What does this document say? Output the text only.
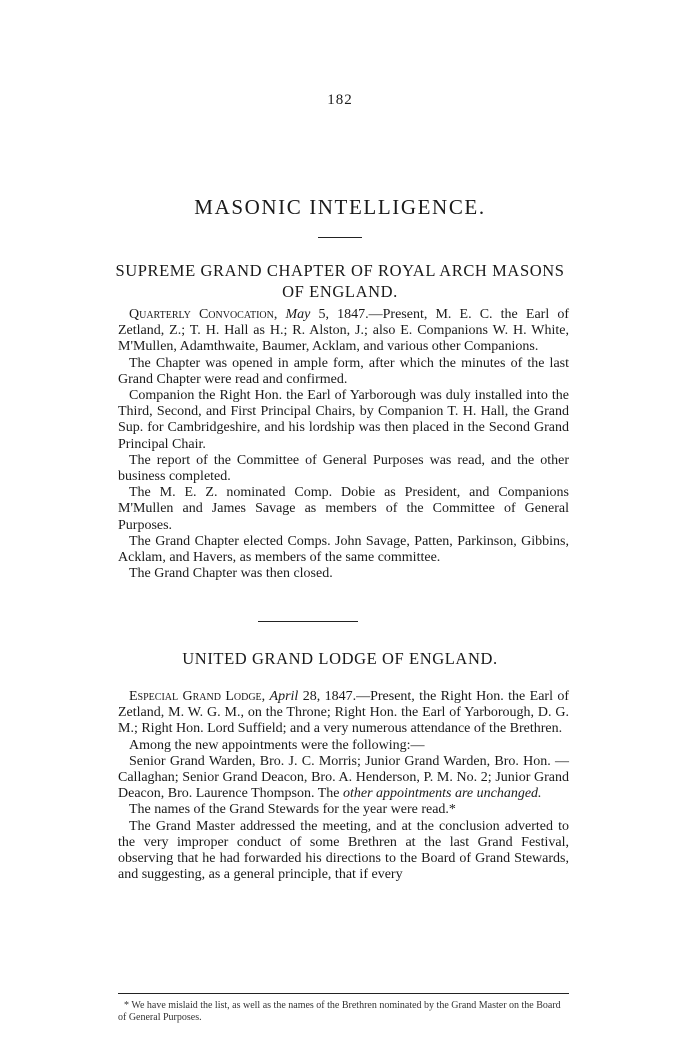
182
MASONIC INTELLIGENCE.
SUPREME GRAND CHAPTER OF ROYAL ARCH MASONS
OF ENGLAND.

Quarterly Convocation, May 5, 1847.—Present, M. E. C. the Earl of Zetland, Z.; T. H. Hall as H.; R. Alston, J.; also E. Companions W. H. White, M'Mullen, Adamthwaite, Baumer, Acklam, and various other Companions.

The Chapter was opened in ample form, after which the minutes of the last Grand Chapter were read and confirmed.

Companion the Right Hon. the Earl of Yarborough was duly installed into the Third, Second, and First Principal Chairs, by Companion T. H. Hall, the Grand Sup. for Cambridgeshire, and his lordship was then placed in the Second Grand Principal Chair.

The report of the Committee of General Purposes was read, and the other business completed.

The M. E. Z. nominated Comp. Dobie as President, and Companions M'Mullen and James Savage as members of the Committee of General Purposes.

The Grand Chapter elected Comps. John Savage, Patten, Parkinson, Gibbins, Acklam, and Havers, as members of the same committee.

The Grand Chapter was then closed.

UNITED GRAND LODGE OF ENGLAND.

Especial Grand Lodge, April 28, 1847.—Present, the Right Hon. the Earl of Zetland, M. W. G. M., on the Throne; Right Hon. the Earl of Yarborough, D. G. M.; Right Hon. Lord Suffield; and a very numerous attendance of the Brethren.

Among the new appointments were the following:—

Senior Grand Warden, Bro. J. C. Morris; Junior Grand Warden, Bro. Hon. — Callaghan; Senior Grand Deacon, Bro. A. Henderson, P. M. No. 2; Junior Grand Deacon, Bro. Laurence Thompson. The other appointments are unchanged.

The names of the Grand Stewards for the year were read.*

The Grand Master addressed the meeting, and at the conclusion adverted to the very improper conduct of some Brethren at the last Grand Festival, observing that he had forwarded his directions to the Board of Grand Stewards, and suggesting, as a general principle, that if every

* We have mislaid the list, as well as the names of the Brethren nominated by the Grand Master on the Board of General Purposes.
